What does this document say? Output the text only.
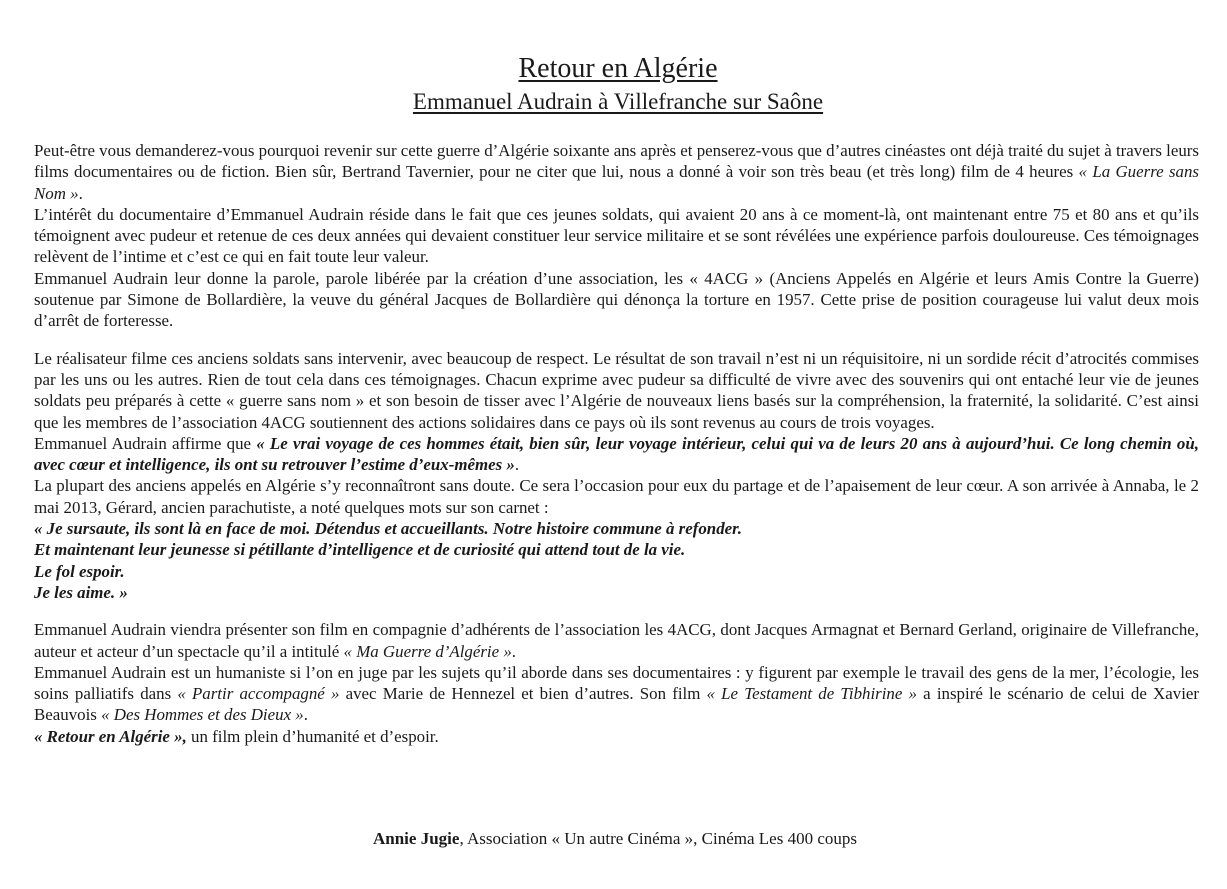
Retour en Algérie
Emmanuel Audrain à Villefranche sur Saône

Peut-être vous demanderez-vous pourquoi revenir sur cette guerre d’Algérie soixante ans après et penserez-vous que d’autres cinéastes ont déjà traité du sujet à travers leurs films documentaires ou de fiction. Bien sûr, Bertrand Tavernier, pour ne citer que lui, nous a donné à voir son très beau (et très long) film de 4 heures « La Guerre sans Nom ».

L’intérêt du documentaire d’Emmanuel Audrain réside dans le fait que ces jeunes soldats, qui avaient 20 ans à ce moment-là, ont maintenant entre 75 et 80 ans et qu’ils témoignent avec pudeur et retenue de ces deux années qui devaient constituer leur service militaire et se sont révélées une expérience parfois douloureuse. Ces témoignages relèvent de l’intime et c’est ce qui en fait toute leur valeur.

Emmanuel Audrain leur donne la parole, parole libérée par la création d’une association, les « 4ACG » (Anciens Appelés en Algérie et leurs Amis Contre la Guerre) soutenue par Simone de Bollardière, la veuve du général Jacques de Bollardière qui dénonça la torture en 1957. Cette prise de position courageuse lui valut deux mois d’arrêt de forteresse.

Le réalisateur filme ces anciens soldats sans intervenir, avec beaucoup de respect. Le résultat de son travail n’est ni un réquisitoire, ni un sordide récit d’atrocités commises par les uns ou les autres. Rien de tout cela dans ces témoignages. Chacun exprime avec pudeur sa difficulté de vivre avec des souvenirs qui ont entaché leur vie de jeunes soldats peu préparés à cette « guerre sans nom » et son besoin de tisser avec l’Algérie de nouveaux liens basés sur la compréhension, la fraternité, la solidarité. C’est ainsi que les membres de l’association 4ACG soutiennent des actions solidaires dans ce pays où ils sont revenus au cours de trois voyages.

Emmanuel Audrain affirme que « Le vrai voyage de ces hommes était, bien sûr, leur voyage intérieur, celui qui va de leurs 20 ans à aujourd’hui. Ce long chemin où, avec cœur et intelligence, ils ont su retrouver l’estime d’eux-mêmes ».

La plupart des anciens appelés en Algérie s’y reconnaîtront sans doute. Ce sera l’occasion pour eux du partage et de l’apaisement de leur cœur. A son arrivée à Annaba, le 2 mai 2013, Gérard, ancien parachutiste, a noté quelques mots sur son carnet :

« Je sursaute, ils sont là en face de moi. Détendus et accueillants. Notre histoire commune à refonder.
Et maintenant leur jeunesse si pétillante d’intelligence et de curiosité qui attend tout de la vie.
Le fol espoir.
Je les aime. »

Emmanuel Audrain viendra présenter son film en compagnie d’adhérents de l’association les 4ACG, dont Jacques Armagnat et Bernard Gerland, originaire de Villefranche, auteur et acteur d’un spectacle qu’il a intitulé « Ma Guerre d’Algérie ».

Emmanuel Audrain est un humaniste si l’on en juge par les sujets qu’il aborde dans ses documentaires : y figurent par exemple le travail des gens de la mer, l’écologie, les soins palliatifs dans « Partir accompagné » avec Marie de Hennezel et bien d’autres. Son film « Le Testament de Tibhirine » a inspiré le scénario de celui de Xavier Beauvois « Des Hommes et des Dieux ».

« Retour en Algérie », un film plein d’humanité et d’espoir.

Annie Jugie, Association « Un autre Cinéma », Cinéma Les 400 coups
